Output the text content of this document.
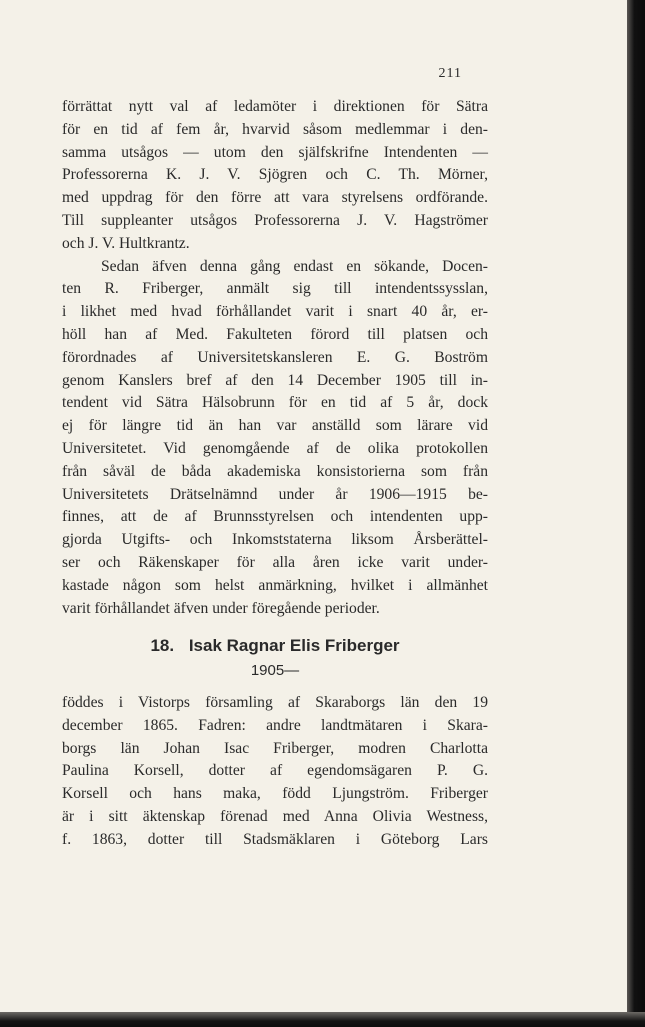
211
förrättat nytt val af ledamöter i direktionen för Sätra
för en tid af fem år, hvarvid såsom medlemmar i den-
samma utsågos — utom den själfskrifne Intendenten —
Professorerna K. J. V. Sjögren och C. Th. Mörner,
med uppdrag för den förre att vara styrelsens ordförande.
Till suppleanter utsågos Professorerna J. V. Hagströmer
och J. V. Hultkrantz.
Sedan äfven denna gång endast en sökande, Docen-
ten R. Friberger, anmält sig till intendentssysslan,
i likhet med hvad förhållandet varit i snart 40 år, er-
höll han af Med. Fakulteten förord till platsen och
förordnades af Universitetskansleren E. G. Boström
genom Kanslers bref af den 14 December 1905 till in-
tendent vid Sätra Hälsobrunn för en tid af 5 år, dock
ej för längre tid än han var anställd som lärare vid
Universitetet. Vid genomgående af de olika protokollen
från såväl de båda akademiska konsistorierna som från
Universitetets Drätselnämnd under år 1906—1915 be-
finnes, att de af Brunnsstyrelsen och intendenten upp-
gjorda Utgifts- och Inkomststaterna liksom Årsberättel-
ser och Räkenskaper för alla åren icke varit under-
kastade någon som helst anmärkning, hvilket i allmänhet
varit förhållandet äfven under föregående perioder.
18. Isak Ragnar Elis Friberger
1905—
föddes i Vistorps församling af Skaraborgs län den 19
december 1865. Fadren: andre landtmätaren i Skara-
borgs län Johan Isac Friberger, modren Charlotta
Paulina Korsell, dotter af egendomsägaren P. G.
Korsell och hans maka, född Ljungström. Friberger
är i sitt äktenskap förenad med Anna Olivia Westness,
f. 1863, dotter till Stadsmäklaren i Göteborg Lars
